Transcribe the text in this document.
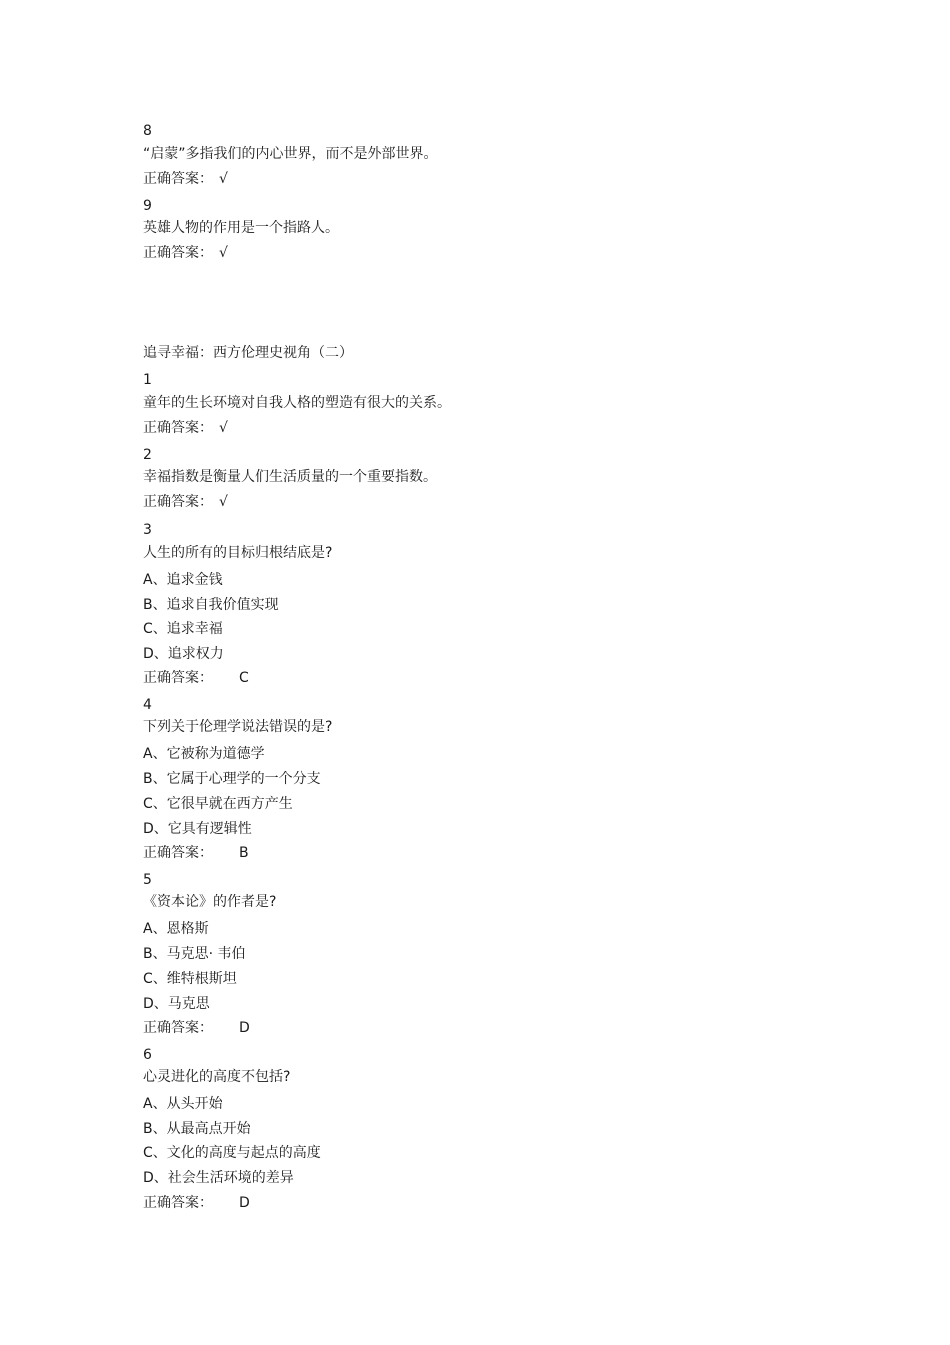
8
“启蒙”多指我们的内心世界，而不是外部世界。
正确答案： √
9
英雄人物的作用是一个指路人。
正确答案： √
追寻幸福：西方伦理史视角（二）
1
童年的生长环境对自我人格的塑造有很大的关系。
正确答案： √
2
幸福指数是衡量人们生活质量的一个重要指数。
正确答案： √
3
人生的所有的目标归根结底是?
A、追求金钱
B、追求自我价值实现
C、追求幸福
D、追求权力
正确答案： C
4
下列关于伦理学说法错误的是?
A、它被称为道德学
B、它属于心理学的一个分支
C、它很早就在西方产生
D、它具有逻辑性
正确答案： B
5
《资本论》的作者是?
A、恩格斯
B、马克思· 韦伯
C、维特根斯坦
D、马克思
正确答案： D
6
心灵进化的高度不包括?
A、从头开始
B、从最高点开始
C、文化的高度与起点的高度
D、社会生活环境的差异
正确答案： D
